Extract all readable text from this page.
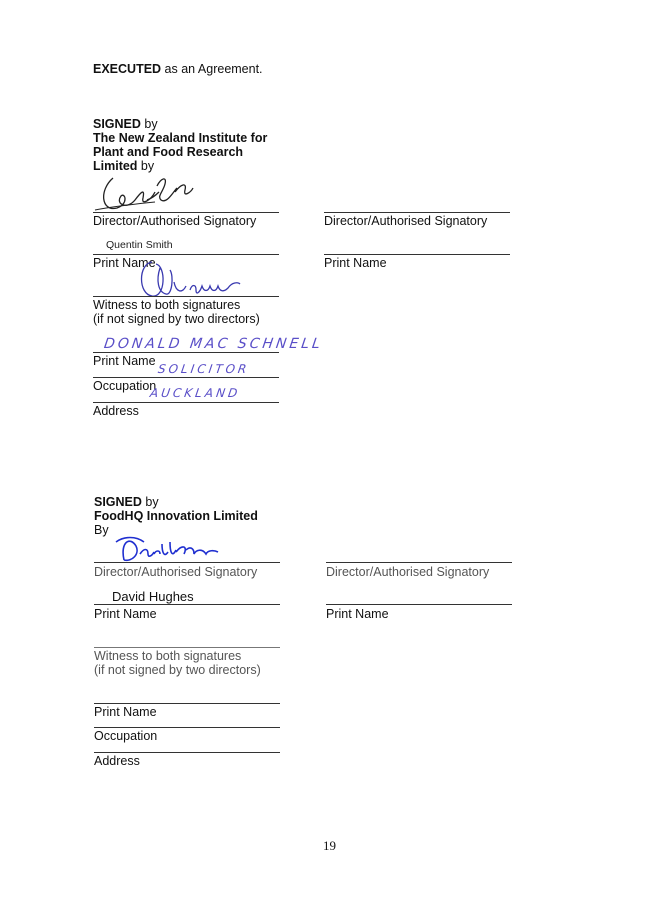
EXECUTED as an Agreement.
SIGNED by
The New Zealand Institute for
Plant and Food Research
Limited by
Director/Authorised Signatory	Director/Authorised Signatory
Quentin Smith
Print Name	Print Name
Witness to both signatures
(if not signed by two directors)
DONALD MAC SCHNELL
Print Name
SOLICITOR
Occupation
AUCKLAND
Address
SIGNED by
FoodHQ Innovation Limited
By
Director/Authorised Signatory	Director/Authorised Signatory
David Hughes
Print Name	Print Name
Witness to both signatures
(if not signed by two directors)
Print Name
Occupation
Address
19
